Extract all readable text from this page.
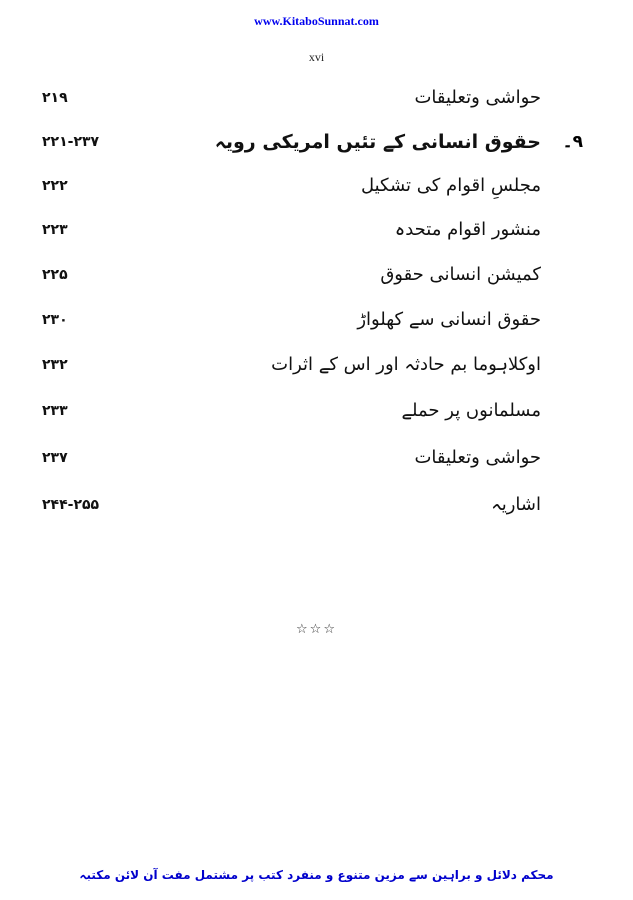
www.KitaboSunnat.com
xvi
حواشی وتعلیقات
۲۱۹
۹۔
حقوق انسانی کے تئیں امریکی رویہ
۲۲۱-۲۳۷
مجلسِ اقوام کی تشکیل
۲۲۲
منشور اقوام متحدہ
۲۲۳
کمیشن انسانی حقوق
۲۲۵
حقوق انسانی سے کھلواڑ
۲۳۰
اوکلاہوما بم حادثہ اور اس کے اثرات
۲۳۲
مسلمانوں پر حملے
۲۳۳
حواشی وتعلیقات
۲۳۷
اشاریہ
۲۴۴-۲۵۵
☆☆☆
محکم دلائل و براہین سے مزین متنوع و منفرد کتب پر مشتمل مفت آن لائن مکتبہ
